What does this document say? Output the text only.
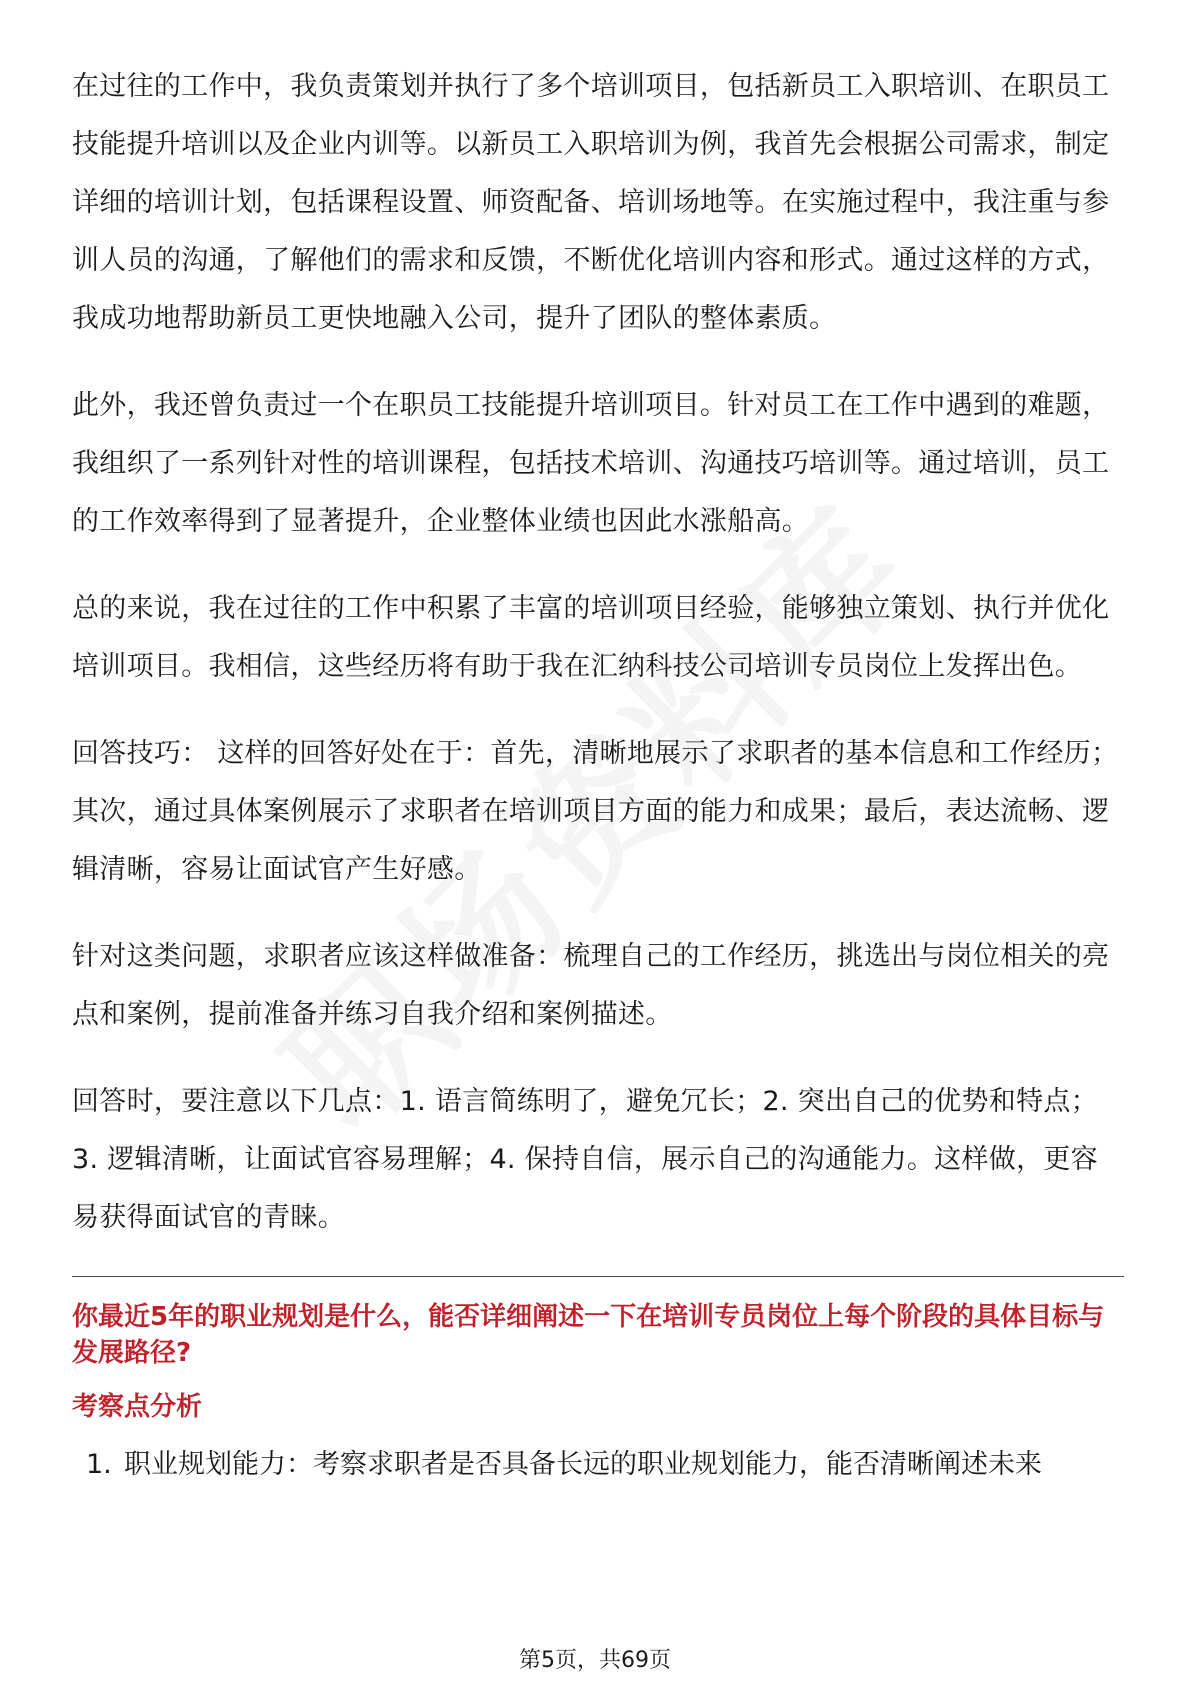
在过往的工作中，我负责策划并执行了多个培训项目，包括新员工入职培训、在职员工技能提升培训以及企业内训等。以新员工入职培训为例，我首先会根据公司需求，制定详细的培训计划，包括课程设置、师资配备、培训场地等。在实施过程中，我注重与参训人员的沟通，了解他们的需求和反馈，不断优化培训内容和形式。通过这样的方式，我成功地帮助新员工更快地融入公司，提升了团队的整体素质。

此外，我还曾负责过一个在职员工技能提升培训项目。针对员工在工作中遇到的难题，我组织了一系列针对性的培训课程，包括技术培训、沟通技巧培训等。通过培训，员工的工作效率得到了显著提升，企业整体业绩也因此水涨船高。

总的来说，我在过往的工作中积累了丰富的培训项目经验，能够独立策划、执行并优化培训项目。我相信，这些经历将有助于我在汇纳科技公司培训专员岗位上发挥出色。

回答技巧： 这样的回答好处在于：首先，清晰地展示了求职者的基本信息和工作经历；其次，通过具体案例展示了求职者在培训项目方面的能力和成果；最后，表达流畅、逻辑清晰，容易让面试官产生好感。

针对这类问题，求职者应该这样做准备：梳理自己的工作经历，挑选出与岗位相关的亮点和案例，提前准备并练习自我介绍和案例描述。

回答时，要注意以下几点：1. 语言简练明了，避免冗长；2. 突出自己的优势和特点；3. 逻辑清晰，让面试官容易理解；4. 保持自信，展示自己的沟通能力。这样做，更容易获得面试官的青睐。

你最近5年的职业规划是什么，能否详细阐述一下在培训专员岗位上每个阶段的具体目标与发展路径?
考察点分析
1. 职业规划能力：考察求职者是否具备长远的职业规划能力，能否清晰阐述未来
第5页，共69页
